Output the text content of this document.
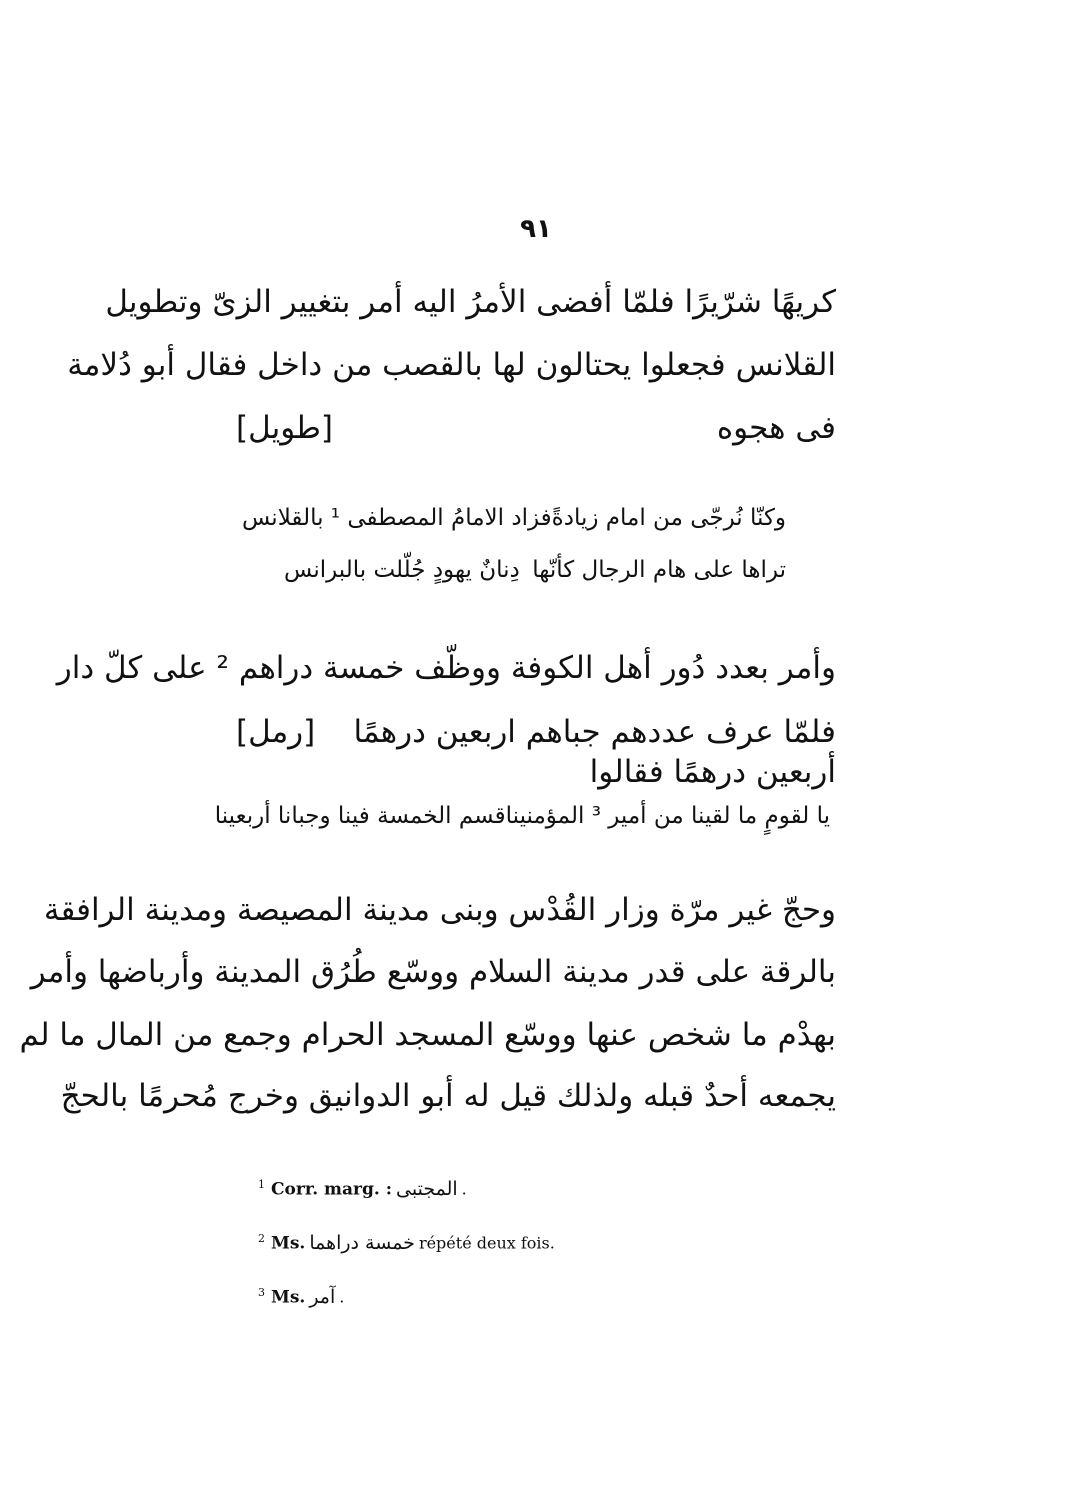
٩١
كريهًا شرّيرًا فلمّا أفضى الأمرُ اليه أمر بتغيير الزىّ وتطويل
القلانس فجعلوا يحتالون لها بالقصب من داخل فقال أبو دُلامة
فى هجوه
[طويل]
وكنّا نُرجّى من امام زيادةً
فزاد الامامُ المصطفى ¹ بالقلانس
تراها على هام الرجال كأنّها
دِنانٌ يهودٍ جُلّلت بالبرانس
وأمر بعدد دُور أهل الكوفة ووظّف خمسة دراهم ² على كلّ دار
فلمّا عرف عددهم جباهم اربعين درهمًا أربعين درهمًا فقالوا
[رمل]
يا لقومٍ ما لقينا من أمير ³ المؤمنينا
قسم الخمسة فينا وجبانا أربعينا
وحجّ غير مرّة وزار القُدْس وبنى مدينة المصيصة ومدينة الرافقة
بالرقة على قدر مدينة السلام ووسّع طُرُق المدينة وأرباضها وأمر
بهدْم ما شخص عنها ووسّع المسجد الحرام وجمع من المال ما لم
يجمعه أحدٌ قبله ولذلك قيل له أبو الدوانيق وخرج مُحرمًا بالحجّ
$^1$ Corr. marg. : المجتبى .
$^2$ Ms. خمسة دراهما répété deux fois.
$^3$ Ms. آمر .
